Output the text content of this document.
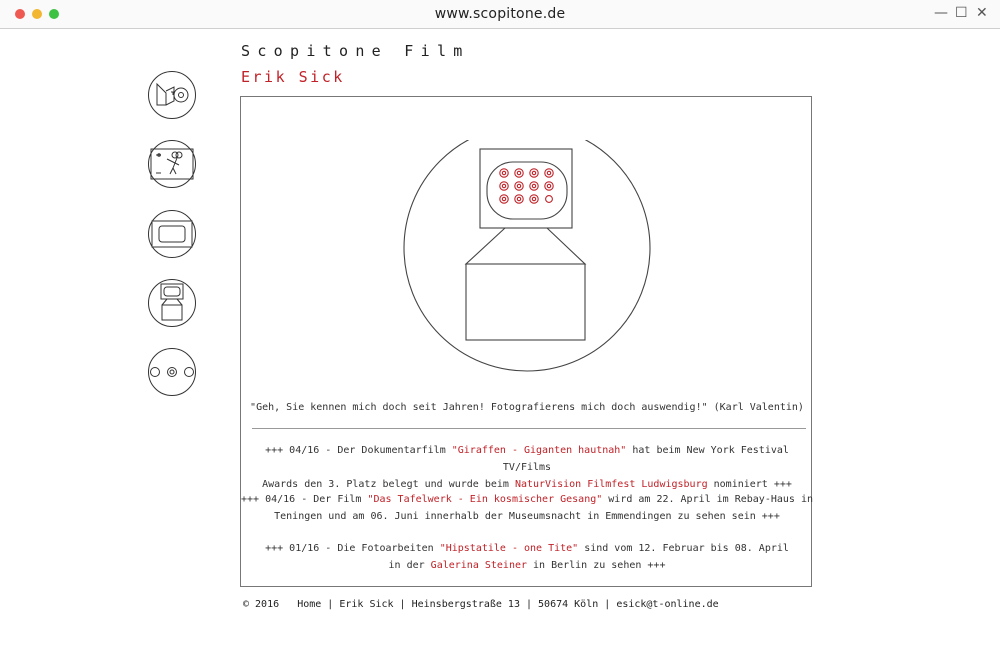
www.scopitone.de	— ☐ ✕
Scopitone Film
Erik Sick
"Geh, Sie kennen mich doch seit Jahren! Fotografierens mich doch auswendig!" (Karl Valentin)
+++ 04/16 - Der Dokumentarfilm "Giraffen - Giganten hautnah" hat beim New York Festival TV/Films
Awards den 3. Platz belegt und wurde beim NaturVision Filmfest Ludwigsburg nominiert +++
+++ 04/16 - Der Film "Das Tafelwerk - Ein kosmischer Gesang" wird am 22. April im Rebay-Haus in
Teningen und am 06. Juni innerhalb der Museumsnacht in Emmendingen zu sehen sein +++
+++ 01/16 - Die Fotoarbeiten "Hipstatile - one Tite" sind vom 12. Februar bis 08. April
in der Galerina Steiner in Berlin zu sehen +++
© 2016 Home | Erik Sick | Heinsbergstraße 13 | 50674 Köln | esick@t-online.de
